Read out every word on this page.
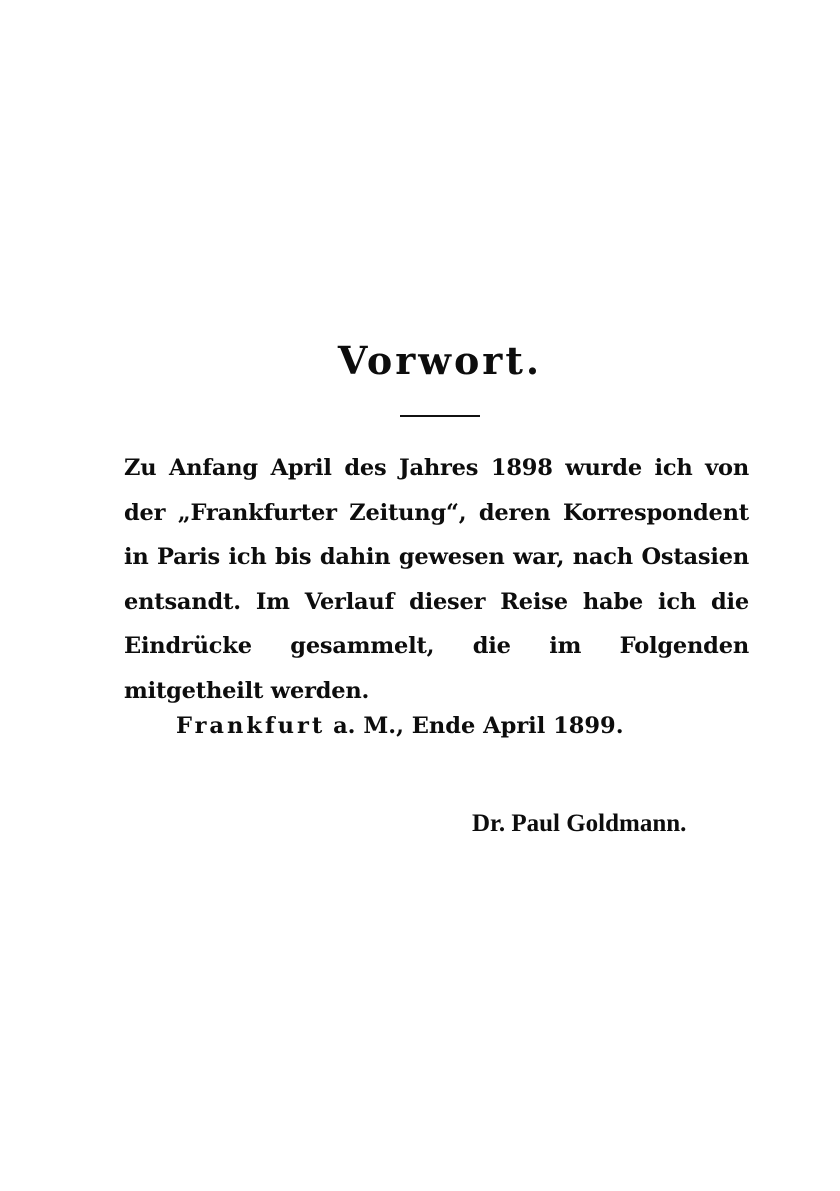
Vorwort.

Zu Anfang April des Jahres 1898 wurde ich von der „Frankfurter Zeitung“, deren Korrespondent in Paris ich bis dahin gewesen war, nach Ostasien entsandt. Im Verlauf dieser Reise habe ich die Eindrücke gesammelt, die im Folgenden mitgetheilt werden.

Frankfurt a. M., Ende April 1899.

Dr. Paul Goldmann.
